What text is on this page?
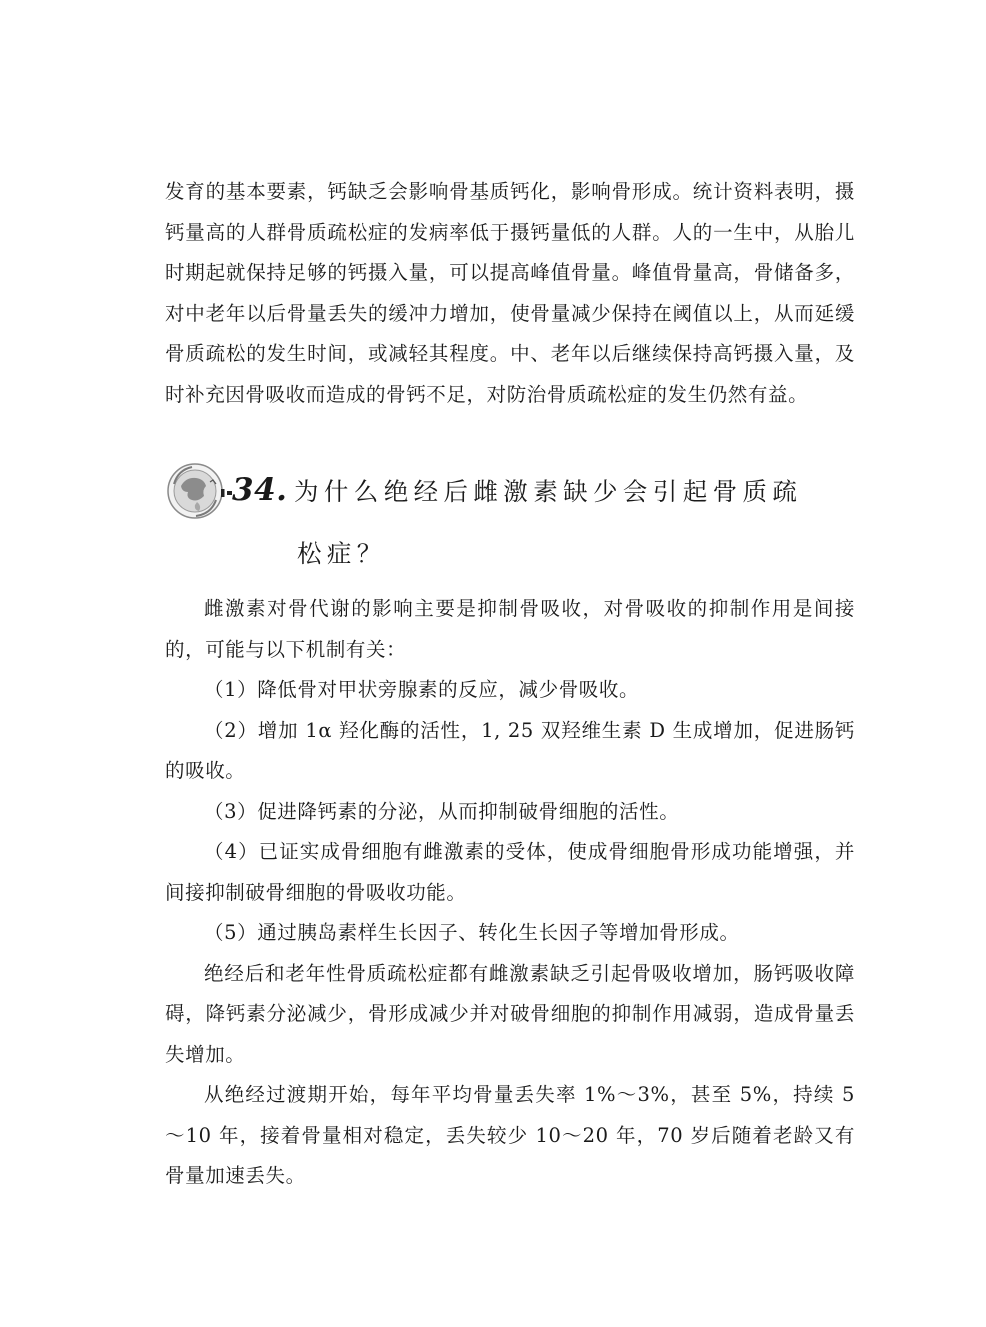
发育的基本要素，钙缺乏会影响骨基质钙化，影响骨形成。统计资料表明，摄钙量高的人群骨质疏松症的发病率低于摄钙量低的人群。人的一生中，从胎儿时期起就保持足够的钙摄入量，可以提高峰值骨量。峰值骨量高，骨储备多，对中老年以后骨量丢失的缓冲力增加，使骨量减少保持在阈值以上，从而延缓骨质疏松的发生时间，或减轻其程度。中、老年以后继续保持高钙摄入量，及时补充因骨吸收而造成的骨钙不足，对防治骨质疏松症的发生仍然有益。

34. 为什么绝经后雌激素缺少会引起骨质疏
松症？

雌激素对骨代谢的影响主要是抑制骨吸收，对骨吸收的抑制作用是间接的，可能与以下机制有关：

（1）降低骨对甲状旁腺素的反应，减少骨吸收。

（2）增加 1α 羟化酶的活性，1, 25 双羟维生素 D 生成增加，促进肠钙的吸收。

（3）促进降钙素的分泌，从而抑制破骨细胞的活性。

（4）已证实成骨细胞有雌激素的受体，使成骨细胞骨形成功能增强，并间接抑制破骨细胞的骨吸收功能。

（5）通过胰岛素样生长因子、转化生长因子等增加骨形成。

绝经后和老年性骨质疏松症都有雌激素缺乏引起骨吸收增加，肠钙吸收障碍，降钙素分泌减少，骨形成减少并对破骨细胞的抑制作用减弱，造成骨量丢失增加。

从绝经过渡期开始，每年平均骨量丢失率 1%～3%，甚至 5%，持续 5～10 年，接着骨量相对稳定，丢失较少 10～20 年，70 岁后随着老龄又有骨量加速丢失。
